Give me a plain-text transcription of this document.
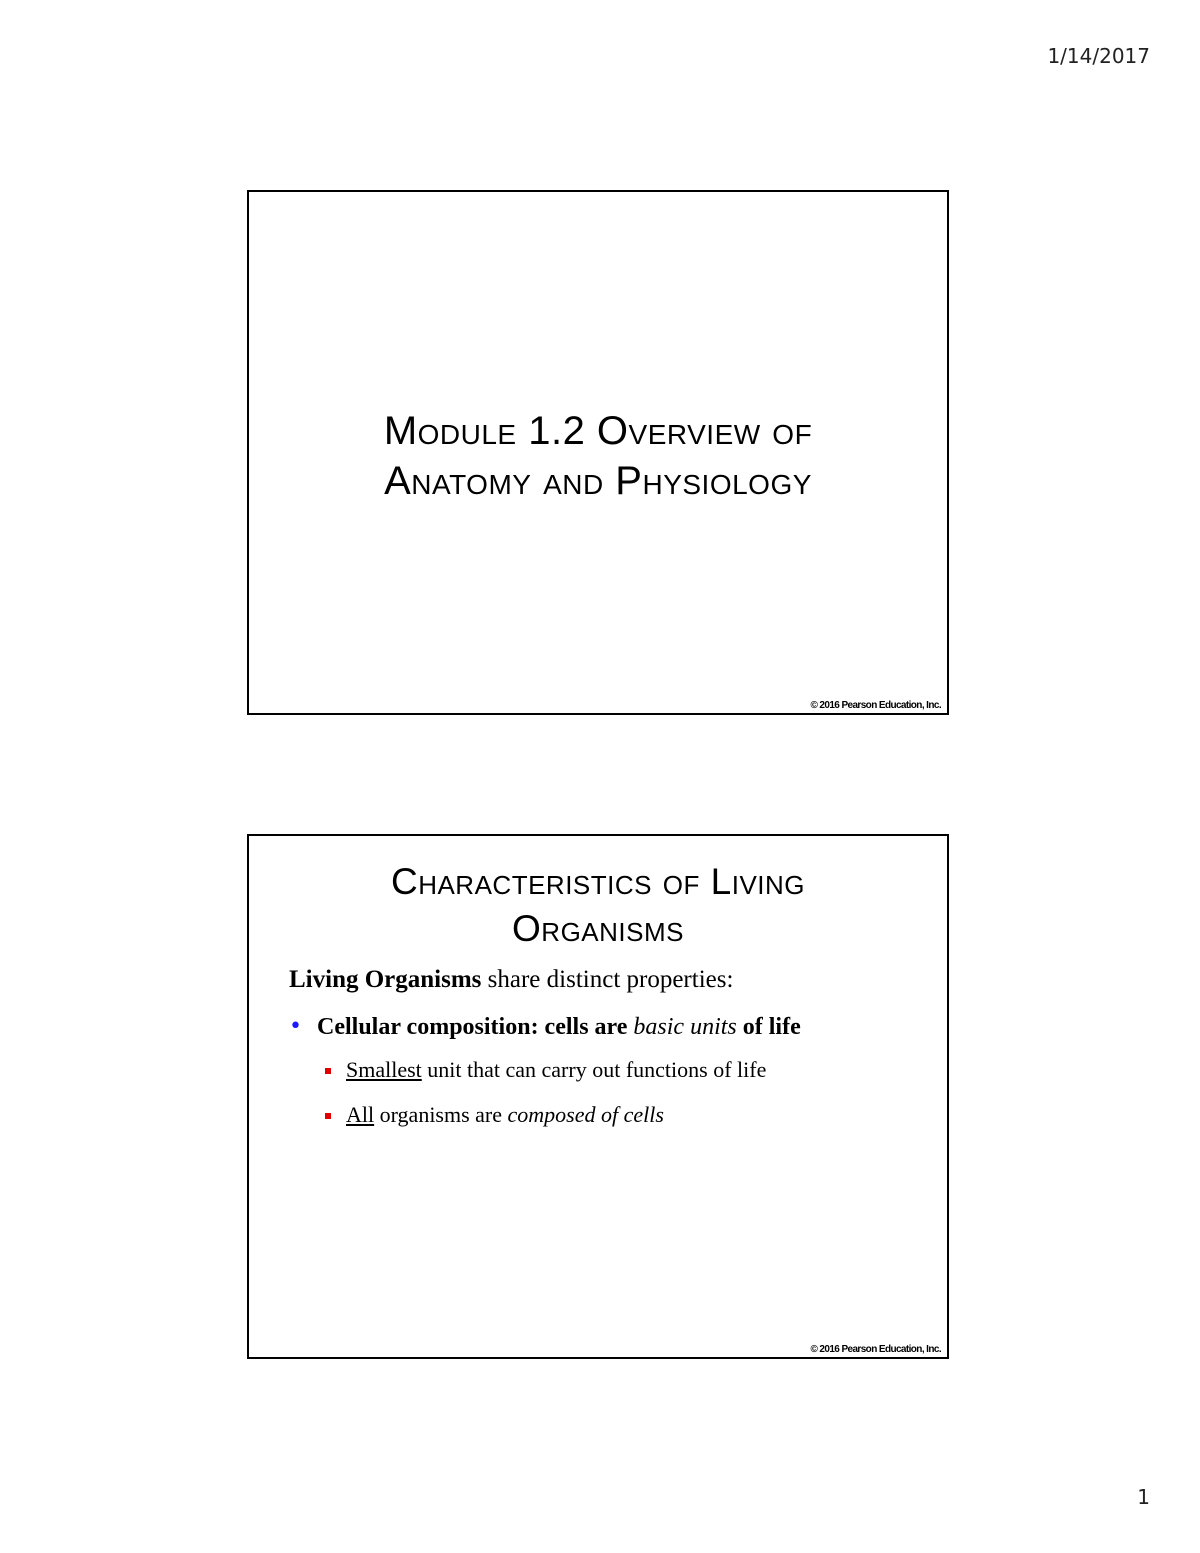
1/14/2017
Module 1.2 Overview of
Anatomy and Physiology
© 2016 Pearson Education, Inc.
Characteristics of Living
Organisms

Living Organisms share distinct properties:

• Cellular composition: cells are basic units of life

Smallest unit that can carry out functions of life

All organisms are composed of cells

© 2016 Pearson Education, Inc.
1
